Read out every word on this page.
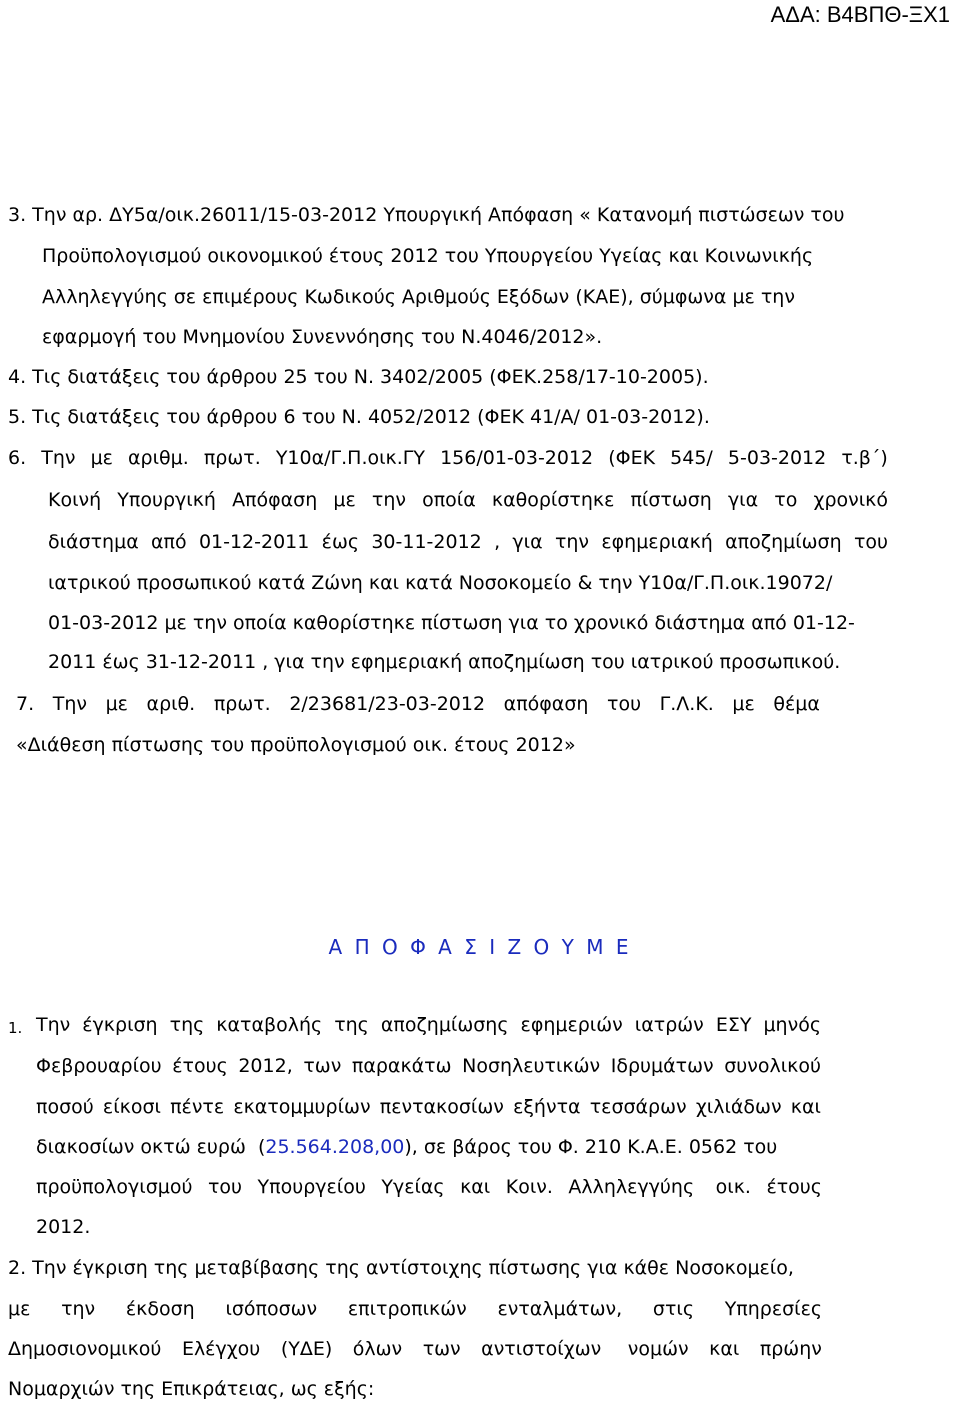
ΑΔΑ: Β4ΒΠΘ-ΞΧ1
3. Την αρ. ΔΥ5α/οικ.26011/15-03-2012 Υπουργική Απόφαση « Κατανομή πιστώσεων του
Προϋπολογισμού οικονομικού έτους 2012 του Υπουργείου Υγείας και Κοινωνικής
Αλληλεγγύης σε επιμέρους Κωδικούς Αριθμούς Εξόδων (ΚΑΕ), σύμφωνα με την
εφαρμογή του Μνημονίου Συνεννόησης του Ν.4046/2012».
4. Τις διατάξεις του άρθρου 25 του Ν. 3402/2005 (ΦΕΚ.258/17-10-2005).
5. Τις διατάξεις του άρθρου 6 του Ν. 4052/2012 (ΦΕΚ 41/Α/ 01-03-2012).
6. Την με αριθμ. πρωτ. Υ10α/Γ.Π.οικ.ΓΥ 156/01-03-2012 (ΦΕΚ 545/ 5-03-2012 τ.β΄)
Κοινή Υπουργική Απόφαση με την οποία καθορίστηκε πίστωση για το χρονικό
διάστημα από 01-12-2011 έως 30-11-2012 , για την εφημεριακή αποζημίωση του
ιατρικού προσωπικού κατά Ζώνη και κατά Νοσοκομείο & την Υ10α/Γ.Π.οικ.19072/
01-03-2012 με την οποία καθορίστηκε πίστωση για το χρονικό διάστημα από 01-12-
2011 έως 31-12-2011 , για την εφημεριακή αποζημίωση του ιατρικού προσωπικού.
7. Την με αριθ. πρωτ. 2/23681/23-03-2012 απόφαση του Γ.Λ.Κ. με θέμα
«Διάθεση πίστωσης του προϋπολογισμού οικ. έτους 2012»
Α Π Ο Φ Α Σ Ι Ζ Ο Υ Μ Ε
1. Την έγκριση της καταβολής της αποζημίωσης εφημεριών ιατρών ΕΣΥ μηνός
Φεβρουαρίου έτους 2012, των παρακάτω Νοσηλευτικών Ιδρυμάτων συνολικού
ποσού είκοσι πέντε εκατομμυρίων πεντακοσίων εξήντα τεσσάρων χιλιάδων και
διακοσίων οκτώ ευρώ  (25.564.208,00), σε βάρος του Φ. 210 Κ.Α.Ε. 0562 του
προϋπολογισμού του Υπουργείου Υγείας και Κοιν. Αλληλεγγύης οικ. έτους
2012.
2. Την έγκριση της μεταβίβασης της αντίστοιχης πίστωσης για κάθε Νοσοκομείο,
με την έκδοση ισόποσων επιτροπικών ενταλμάτων, στις Υπηρεσίες
Δημοσιονομικού Ελέγχου (ΥΔΕ) όλων των αντιστοίχων νομών και πρώην
Νομαρχιών της Επικράτειας, ως εξής:
